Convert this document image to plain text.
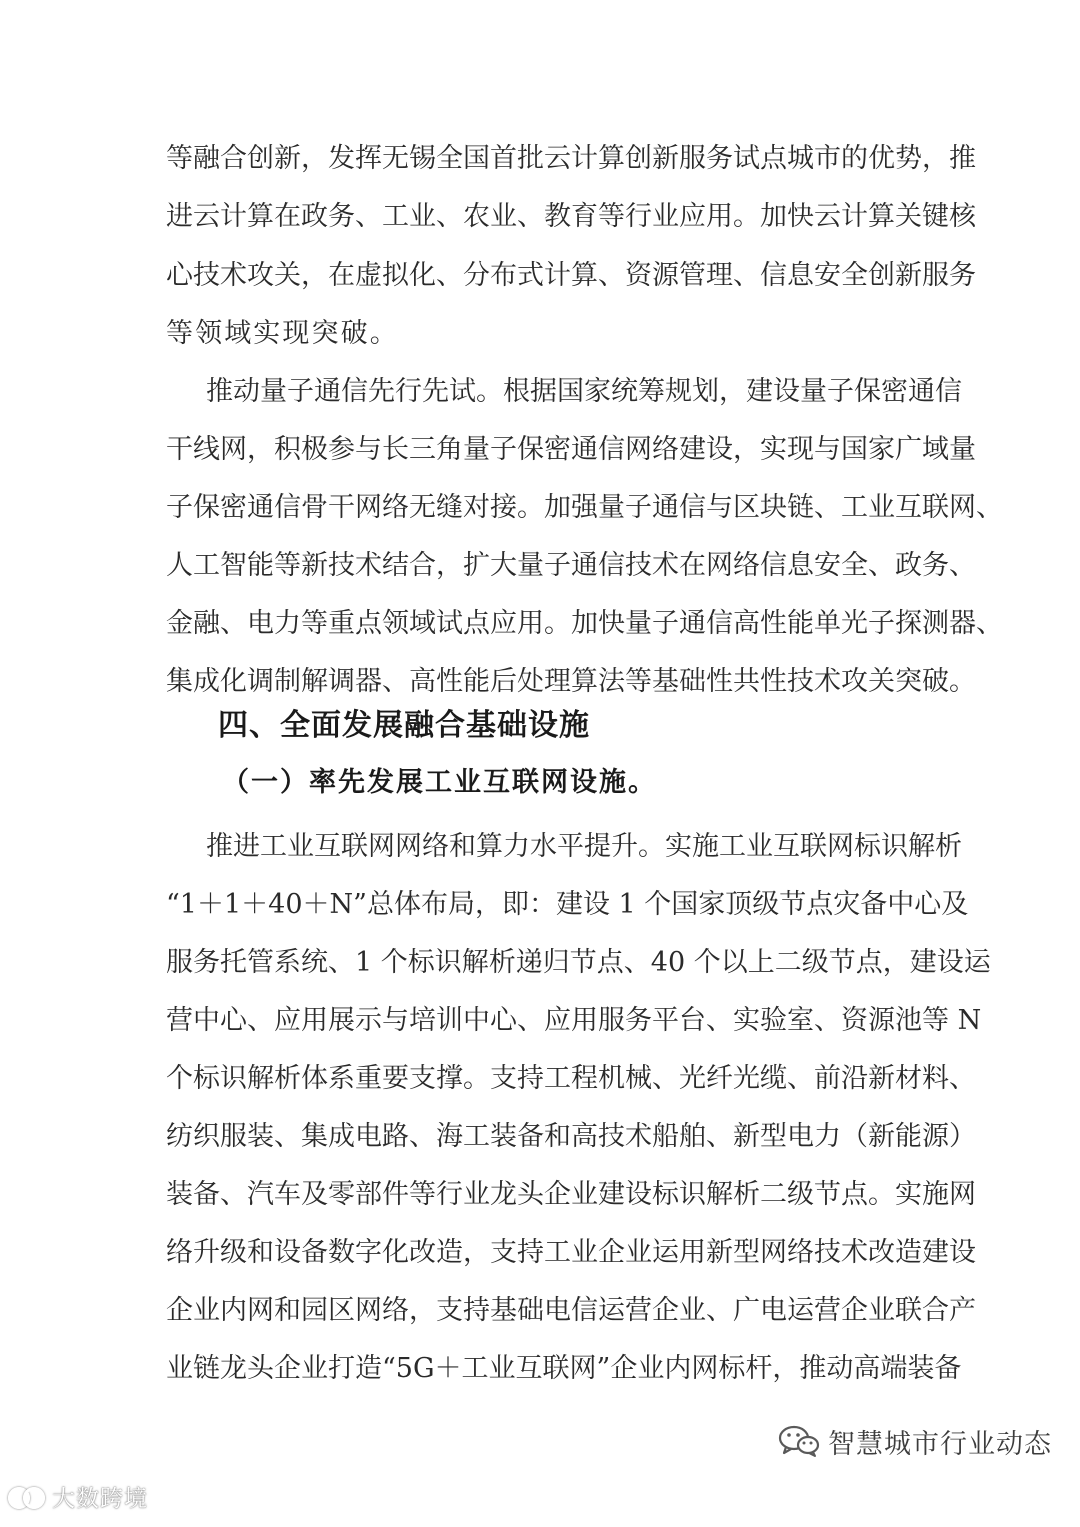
等融合创新，发挥无锡全国首批云计算创新服务试点城市的优势，推
进云计算在政务、工业、农业、教育等行业应用。加快云计算关键核
心技术攻关，在虚拟化、分布式计算、资源管理、信息安全创新服务
等领域实现突破。
推动量子通信先行先试。根据国家统筹规划，建设量子保密通信
干线网，积极参与长三角量子保密通信网络建设，实现与国家广域量
子保密通信骨干网络无缝对接。加强量子通信与区块链、工业互联网、
人工智能等新技术结合，扩大量子通信技术在网络信息安全、政务、
金融、电力等重点领域试点应用。加快量子通信高性能单光子探测器、
集成化调制解调器、高性能后处理算法等基础性共性技术攻关突破。
四、全面发展融合基础设施
（一）率先发展工业互联网设施。
推进工业互联网网络和算力水平提升。实施工业互联网标识解析
“1＋1＋40＋N”总体布局，即：建设 1 个国家顶级节点灾备中心及
服务托管系统、1 个标识解析递归节点、40 个以上二级节点，建设运
营中心、应用展示与培训中心、应用服务平台、实验室、资源池等 N
个标识解析体系重要支撑。支持工程机械、光纤光缆、前沿新材料、
纺织服装、集成电路、海工装备和高技术船舶、新型电力（新能源）
装备、汽车及零部件等行业龙头企业建设标识解析二级节点。实施网
络升级和设备数字化改造，支持工业企业运用新型网络技术改造建设
企业内网和园区网络，支持基础电信运营企业、广电运营企业联合产
业链龙头企业打造“5G＋工业互联网”企业内网标杆，推动高端装备
智慧城市行业动态
大数跨境
